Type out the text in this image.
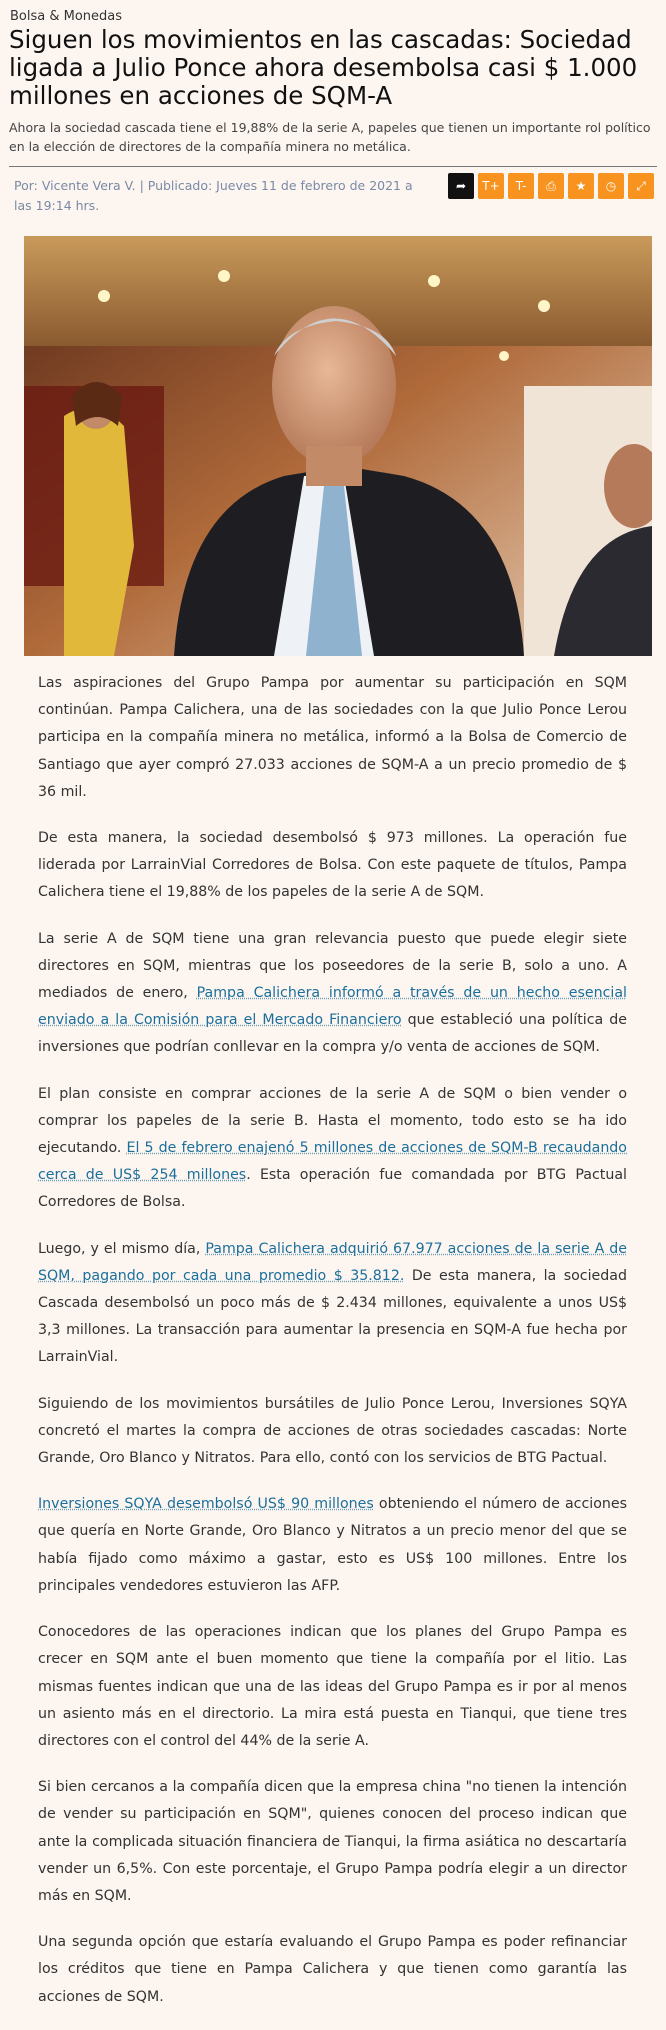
Bolsa & Monedas
Siguen los movimientos en las cascadas: Sociedad ligada a Julio Ponce ahora desembolsa casi $ 1.000 millones en acciones de SQM-A

Ahora la sociedad cascada tiene el 19,88% de la serie A, papeles que tienen un importante rol político en la elección de directores de la compañía minera no metálica.

Por: Vicente Vera V. | Publicado: Jueves 11 de febrero de 2021 a las 19:14 hrs.
➦ T+ T- ⎙ ★ ◷ ⤢

Las aspiraciones del Grupo Pampa por aumentar su participación en SQM continúan. Pampa Calichera, una de las sociedades con la que Julio Ponce Lerou participa en la compañía minera no metálica, informó a la Bolsa de Comercio de Santiago que ayer compró 27.033 acciones de SQM-A a un precio promedio de $ 36 mil.

De esta manera, la sociedad desembolsó $ 973 millones. La operación fue liderada por LarrainVial Corredores de Bolsa. Con este paquete de títulos, Pampa Calichera tiene el 19,88% de los papeles de la serie A de SQM.

La serie A de SQM tiene una gran relevancia puesto que puede elegir siete directores en SQM, mientras que los poseedores de la serie B, solo a uno. A mediados de enero, Pampa Calichera informó a través de un hecho esencial enviado a la Comisión para el Mercado Financiero que estableció una política de inversiones que podrían conllevar en la compra y/o venta de acciones de SQM.

El plan consiste en comprar acciones de la serie A de SQM o bien vender o comprar los papeles de la serie B. Hasta el momento, todo esto se ha ido ejecutando. El 5 de febrero enajenó 5 millones de acciones de SQM-B recaudando cerca de US$ 254 millones. Esta operación fue comandada por BTG Pactual Corredores de Bolsa.

Luego, y el mismo día, Pampa Calichera adquirió 67.977 acciones de la serie A de SQM, pagando por cada una promedio $ 35.812. De esta manera, la sociedad Cascada desembolsó un poco más de $ 2.434 millones, equivalente a unos US$ 3,3 millones. La transacción para aumentar la presencia en SQM-A fue hecha por LarrainVial.

Siguiendo de los movimientos bursátiles de Julio Ponce Lerou, Inversiones SQYA concretó el martes la compra de acciones de otras sociedades cascadas: Norte Grande, Oro Blanco y Nitratos. Para ello, contó con los servicios de BTG Pactual.

Inversiones SQYA desembolsó US$ 90 millones obteniendo el número de acciones que quería en Norte Grande, Oro Blanco y Nitratos a un precio menor del que se había fijado como máximo a gastar, esto es US$ 100 millones. Entre los principales vendedores estuvieron las AFP.

Conocedores de las operaciones indican que los planes del Grupo Pampa es crecer en SQM ante el buen momento que tiene la compañía por el litio. Las mismas fuentes indican que una de las ideas del Grupo Pampa es ir por al menos un asiento más en el directorio. La mira está puesta en Tianqui, que tiene tres directores con el control del 44% de la serie A.

Si bien cercanos a la compañía dicen que la empresa china "no tienen la intención de vender su participación en SQM", quienes conocen del proceso indican que ante la complicada situación financiera de Tianqui, la firma asiática no descartaría vender un 6,5%. Con este porcentaje, el Grupo Pampa podría elegir a un director más en SQM.

Una segunda opción que estaría evaluando el Grupo Pampa es poder refinanciar los créditos que tiene en Pampa Calichera y que tienen como garantía las acciones de SQM.
